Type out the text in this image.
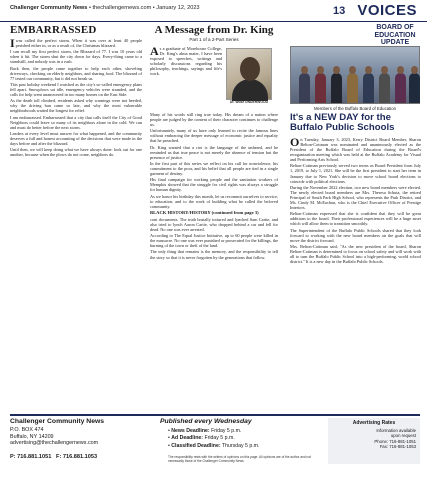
Challenger Community News • thechallengernews.com • January 12, 2023	13 VOICES
EMBARRASSED

Iwas called the perfect storm. When it was over at least 40 people perished either in, or as a result of, the Christmas blizzard.

I can recall my first perfect storm, the Blizzard of 77. I was 10 years old when it hit. The storm shut the city down for days. Every-thing came to a standstill, and nobody was in a rush.

Back then, the people came together to help each other, shoveling driveways, checking on elderly neighbors, and sharing food. The blizzard of 77 tested our community, but it did not break us.

This past holiday weekend I watched as the city's so-called emergency plans fell apart. Snowplows sat idle, emergency vehicles were stranded, and the calls for help went unanswered in too many homes on the East Side.

As the death toll climbed, residents asked why warnings were not heeded, why the driving ban came so late, and why the most vulnerable neighborhoods waited the longest for relief.

I am embarrassed. Embarrassed that a city that calls itself the City of Good Neighbors could leave so many of its neighbors alone in the cold. We can and must do better before the next storm.

Leaders at every level must answer for what happened, and the community deserves a full and honest accounting of the decisions that were made in the days before and after the blizzard.

Until then, we will keep doing what we have always done: look out for one another, because when the plows do not come, neighbors do.

A Message from Dr. King
Part 1 of a 2-Part Series
Dr. Willie UNDERWOOD

As a graduate of Morehouse College, Dr. King's alma mater, I have been exposed to speeches, writings and scholarly discussions regarding his philosophy, teachings, sayings and life's work.

Many of his words still ring true today. His dream of a nation where people are judged by the content of their character continues to challenge us.

Unfortunately, many of us have only learned to recite the famous lines without embracing the deeper message of economic justice and equality that he preached.

Dr. King warned that a riot is the language of the unheard, and he reminded us that true peace is not merely the absence of tension but the presence of justice.

In the first part of this series we reflect on his call for nonviolence, his commitment to the poor, and his belief that all people are tied in a single garment of destiny.

His final campaign for working people and the sanitation workers of Memphis showed that the struggle for civil rights was always a struggle for human dignity.

As we honor his birthday this month, let us recommit ourselves to service, to education, and to the work of building what he called the beloved community.

BLACK HISTORY/HISTORY (continued from page 3)

cont documents. The truth brutally tortured and lynched Sam Cartie, and also tried to lynch Aaron Cartie, who dropped behind a car and fell for dead. No one was ever arrested.

According to The Equal Justice Initiative, up to 60 people were killed in the massacre. No one was ever punished or prosecuted for the killings, the burning of the town or theft of the land.

The only thing that remains is the memory, and the responsibility to tell the story so that it is never forgotten by the generations that follow.

BOARD OF EDUCATION UPDATE
Members of the Buffalo Board of Education
It's a NEW DAY for the Buffalo Public Schools

On Tuesday, January 3, 2023, Kerry District Board Member, Sharon Belton-Cottman was nominated and unanimously elected as the President of the Buffalo Board of Education during the Board's reorganization meeting which was held at the Buffalo Academy for Visual and Performing Arts School.

Belton-Cottman previously served two terms as Board President from July 1, 2019, to July 1, 2021. She will be the first president to start her term in January due to New York's decision to move school board elections to coincide with political elections.

During the November 2022 election, two new board members were elected. The newly elected board members are Mrs. Theresa Schuta, the retired Principal of South Park High School, who represents the Park District, and Ms. Cindy M. McEachon, who is the Chief Executive Officer of Prestige Interiors.

Belton-Cottman expressed that she is confident that they will be great additions to the board. Their professional experiences will be a huge asset which will allow them to transition smoothly.

The Superintendent of the Buffalo Public Schools shared that they look forward to working with the new board members on the goals that will move the district forward.

Mrs. Belton-Cottman said, "As the new president of the board, Sharon Belton-Cottman is determined to focus on school safety and will work with all to turn the Buffalo Public School into a high-performing, world school district." It is a new day in the Buffalo Public Schools.

Challenger Community News
P.O. BOX 474
Buffalo, NY 14209
advertising@thechallengernews.com
P: 716.881.1051 F: 716.881.1053
Published every Wednesday
• News Deadline: Friday 5 p.m.
• Ad Deadline: Friday 5 p.m.
• Classified Deadline: Thursday 5 p.m.
The responsibility rests with the writers of opinions on this page. All opinions are of the author and not necessarily those of the Challenger Community News.
Advertising Rates
Information available
upon request
Phone: 716-881-1051
Fax: 716-881-1053
